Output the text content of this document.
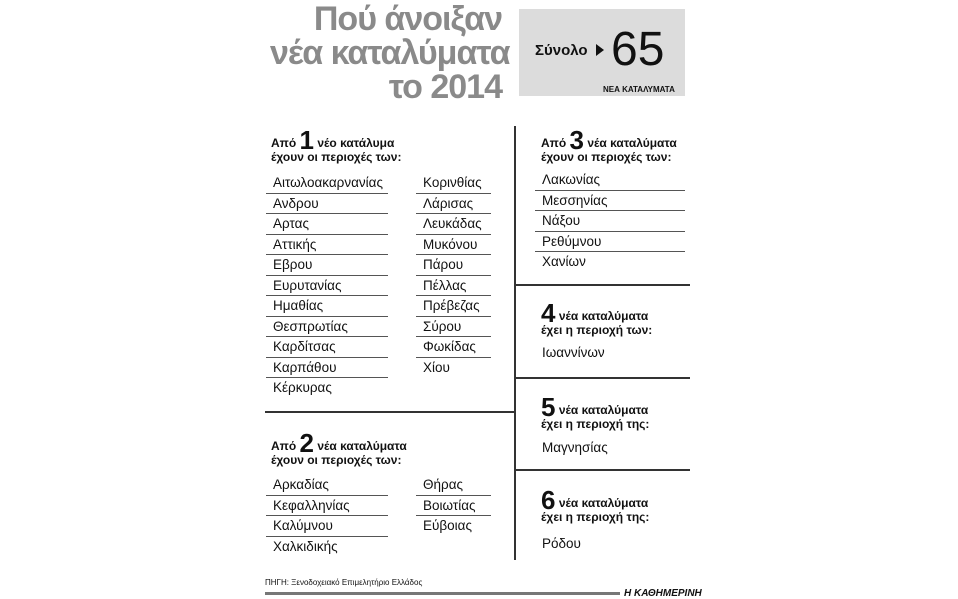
Πού άνοιξαν
νέα καταλύματα
το 2014
Σύνολο 65
ΝΕΑ ΚΑΤΑΛΥΜΑΤΑ
Από 1 νέο κατάλυμα
έχουν οι περιοχές των:
Αιτωλοακαρνανίας
Ανδρου
Αρτας
Αττικής
Εβρου
Ευρυτανίας
Ημαθίας
Θεσπρωτίας
Καρδίτσας
Καρπάθου
Κέρκυρας
Κορινθίας
Λάρισας
Λευκάδας
Μυκόνου
Πάρου
Πέλλας
Πρέβεζας
Σύρου
Φωκίδας
Χίου
Από 2 νέα καταλύματα
έχουν οι περιοχές των:
Αρκαδίας
Κεφαλληνίας
Καλύμνου
Χαλκιδικής
Θήρας
Βοιωτίας
Εύβοιας
Από 3 νέα καταλύματα
έχουν οι περιοχές των:
Λακωνίας
Μεσσηνίας
Νάξου
Ρεθύμνου
Χανίων
4 νέα καταλύματα
έχει η περιοχή των:
Ιωαννίνων
5 νέα καταλύματα
έχει η περιοχή της:
Μαγνησίας
6 νέα καταλύματα
έχει η περιοχή της:
Ρόδου
ΠΗΓΗ: Ξενοδοχειακό Επιμελητήριο Ελλάδος
Η ΚΑΘΗΜΕΡΙΝΗ
